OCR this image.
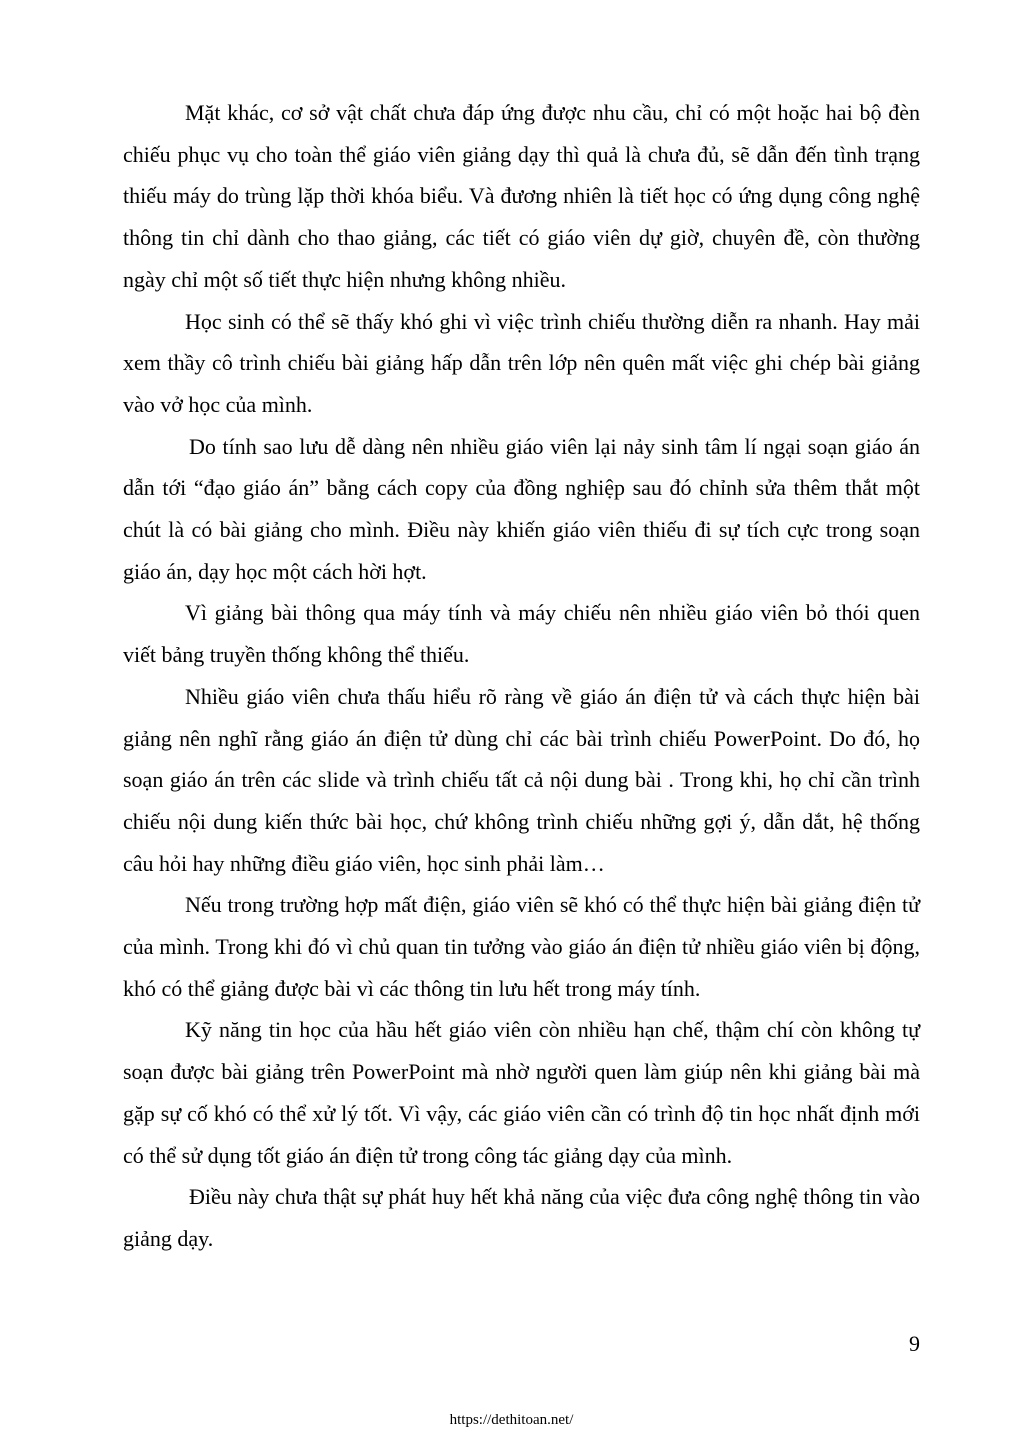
Mặt khác, cơ sở vật chất chưa đáp ứng được nhu cầu, chỉ có một hoặc hai bộ đèn chiếu phục vụ cho toàn thể giáo viên giảng dạy thì quả là chưa đủ, sẽ dẫn đến tình trạng thiếu máy do trùng lặp thời khóa biểu. Và đương nhiên là tiết học có ứng dụng công nghệ thông tin chỉ dành cho thao giảng, các tiết có giáo viên dự giờ, chuyên đề, còn thường ngày chỉ một số tiết thực hiện nhưng không nhiều.

Học sinh có thể sẽ thấy khó ghi vì việc trình chiếu thường diễn ra nhanh. Hay mải xem thầy cô trình chiếu bài giảng hấp dẫn trên lớp nên quên mất việc ghi chép bài giảng vào vở học của mình.

Do tính sao lưu dễ dàng nên nhiều giáo viên lại nảy sinh tâm lí ngại soạn giáo án dẫn tới “đạo giáo án” bằng cách copy của đồng nghiệp sau đó chỉnh sửa thêm thắt một chút là có bài giảng cho mình. Điều này khiến giáo viên thiếu đi sự tích cực trong soạn giáo án, dạy học một cách hời hợt.

Vì giảng bài thông qua máy tính và máy chiếu nên nhiều giáo viên bỏ thói quen viết bảng truyền thống không thể thiếu.

Nhiều giáo viên chưa thấu hiểu rõ ràng về giáo án điện tử và cách thực hiện bài giảng nên nghĩ rằng giáo án điện tử dùng chỉ các bài trình chiếu PowerPoint. Do đó, họ soạn giáo án trên các slide và trình chiếu tất cả nội dung bài . Trong khi, họ chỉ cần trình chiếu nội dung kiến thức bài học, chứ không trình chiếu những gợi ý, dẫn dắt, hệ thống câu hỏi hay những điều giáo viên, học sinh phải làm…

Nếu trong trường hợp mất điện, giáo viên sẽ khó có thể thực hiện bài giảng điện tử của mình. Trong khi đó vì chủ quan tin tưởng vào giáo án điện tử nhiều giáo viên bị động, khó có thể giảng được bài vì các thông tin lưu hết trong máy tính.

Kỹ năng tin học của hầu hết giáo viên còn nhiều hạn chế, thậm chí còn không tự soạn được bài giảng trên PowerPoint mà nhờ người quen làm giúp nên khi giảng bài mà gặp sự cố khó có thể xử lý tốt. Vì vậy, các giáo viên cần có trình độ tin học nhất định mới có thể sử dụng tốt giáo án điện tử trong công tác giảng dạy của mình.

Điều này chưa thật sự phát huy hết khả năng của việc đưa công nghệ thông tin vào giảng dạy.

9
https://dethitoan.net/
